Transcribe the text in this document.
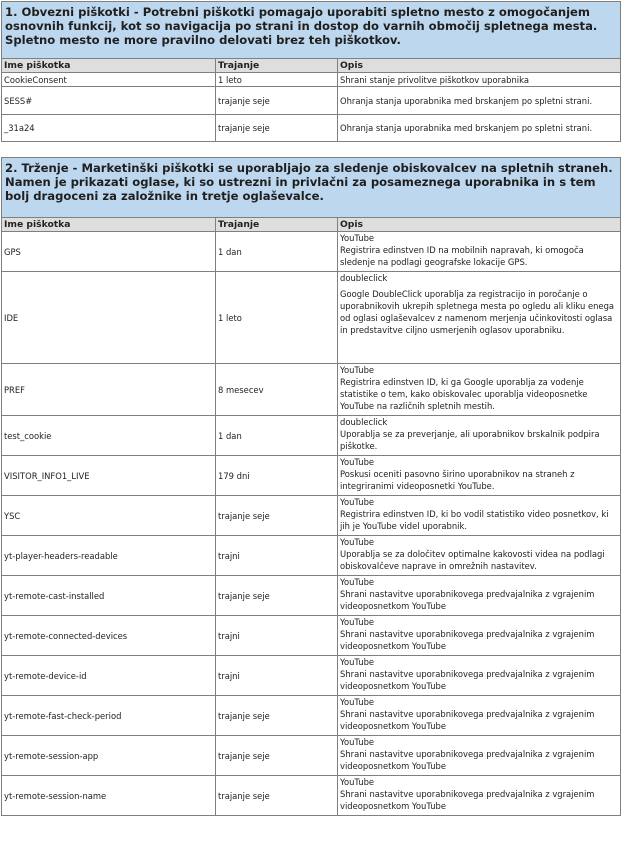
1. Obvezni piškotki - Potrebni piškotki pomagajo uporabiti spletno mesto z omogočanjem osnovnih funkcij, kot so navigacija po strani in dostop do varnih območij spletnega mesta. Spletno mesto ne more pravilno delovati brez teh piškotkov.		
Ime piškotka	Trajanje	Opis
CookieConsent	1 leto	Shrani stanje privolitve piškotkov uporabnika
SESS#	trajanje seje	Ohranja stanja uporabnika med brskanjem po spletni strani.
_31a24	trajanje seje	Ohranja stanja uporabnika med brskanjem po spletni strani.
2. Trženje - Marketinški piškotki se uporabljajo za sledenje obiskovalcev na spletnih straneh. Namen je prikazati oglase, ki so ustrezni in privlačni za posameznega uporabnika in s tem bolj dragoceni za založnike in tretje oglaševalce.		
Ime piškotka	Trajanje	Opis
GPS	1 dan	YouTube
Registrira edinstven ID na mobilnih napravah, ki omogoča sledenje na podlagi geografske lokacije GPS.

IDE	1 leto	doubleclick
Google DoubleClick uporablja za registracijo in poročanje o uporabnikovih ukrepih spletnega mesta po ogledu ali kliku enega od oglasi oglaševalcev z namenom merjenja učinkovitosti oglasa in predstavitve ciljno usmerjenih oglasov uporabniku.

PREF	8 mesecev	YouTube
Registrira edinstven ID, ki ga Google uporablja za vodenje statistike o tem, kako obiskovalec uporablja videoposnetke YouTube na različnih spletnih mestih.

test_cookie	1 dan	doubleclick
Uporablja se za preverjanje, ali uporabnikov brskalnik podpira piškotke.

VISITOR_INFO1_LIVE	179 dni	YouTube
Poskusi oceniti pasovno širino uporabnikov na straneh z integriranimi videoposnetki YouTube.

YSC	trajanje seje	YouTube
Registrira edinstven ID, ki bo vodil statistiko video posnetkov, ki jih je YouTube videl uporabnik.

yt-player-headers-readable	trajni	YouTube
Uporablja se za določitev optimalne kakovosti videa na podlagi obiskovalčeve naprave in omrežnih nastavitev.

yt-remote-cast-installed	trajanje seje	YouTube
Shrani nastavitve uporabnikovega predvajalnika z vgrajenim videoposnetkom YouTube

yt-remote-connected-devices	trajni	YouTube
Shrani nastavitve uporabnikovega predvajalnika z vgrajenim videoposnetkom YouTube

yt-remote-device-id	trajni	YouTube
Shrani nastavitve uporabnikovega predvajalnika z vgrajenim videoposnetkom YouTube

yt-remote-fast-check-period	trajanje seje	YouTube
Shrani nastavitve uporabnikovega predvajalnika z vgrajenim videoposnetkom YouTube

yt-remote-session-app	trajanje seje	YouTube
Shrani nastavitve uporabnikovega predvajalnika z vgrajenim videoposnetkom YouTube

yt-remote-session-name	trajanje seje	YouTube
Shrani nastavitve uporabnikovega predvajalnika z vgrajenim videoposnetkom YouTube
